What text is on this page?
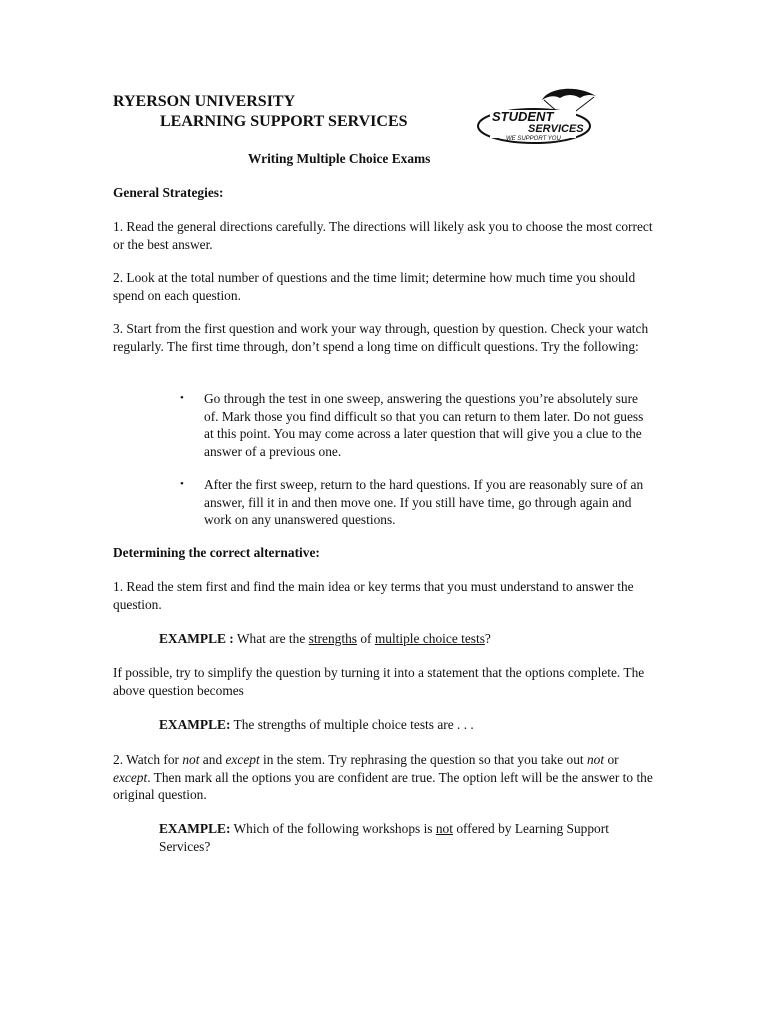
RYERSON UNIVERSITY
LEARNING SUPPORT SERVICES	STUDENT
SERVICES
WE SUPPORT YOU
Writing Multiple Choice Exams
General Strategies:

1. Read the general directions carefully. The directions will likely ask you to choose the most correct or the best answer.

2. Look at the total number of questions and the time limit; determine how much time you should spend on each question.

3. Start from the first question and work your way through, question by question. Check your watch regularly. The first time through, don’t spend a long time on difficult questions. Try the following:

• Go through the test in one sweep, answering the questions you’re absolutely sure of. Mark those you find difficult so that you can return to them later. Do not guess at this point. You may come across a later question that will give you a clue to the answer of a previous one.

• After the first sweep, return to the hard questions. If you are reasonably sure of an answer, fill it in and then move one. If you still have time, go through again and work on any unanswered questions.

Determining the correct alternative:

1. Read the stem first and find the main idea or key terms that you must understand to answer the question.

EXAMPLE : What are the strengths of multiple choice tests?

If possible, try to simplify the question by turning it into a statement that the options complete. The above question becomes

EXAMPLE: The strengths of multiple choice tests are . . .

2. Watch for not and except in the stem. Try rephrasing the question so that you take out not or except. Then mark all the options you are confident are true. The option left will be the answer to the original question.

EXAMPLE: Which of the following workshops is not offered by Learning Support Services?
